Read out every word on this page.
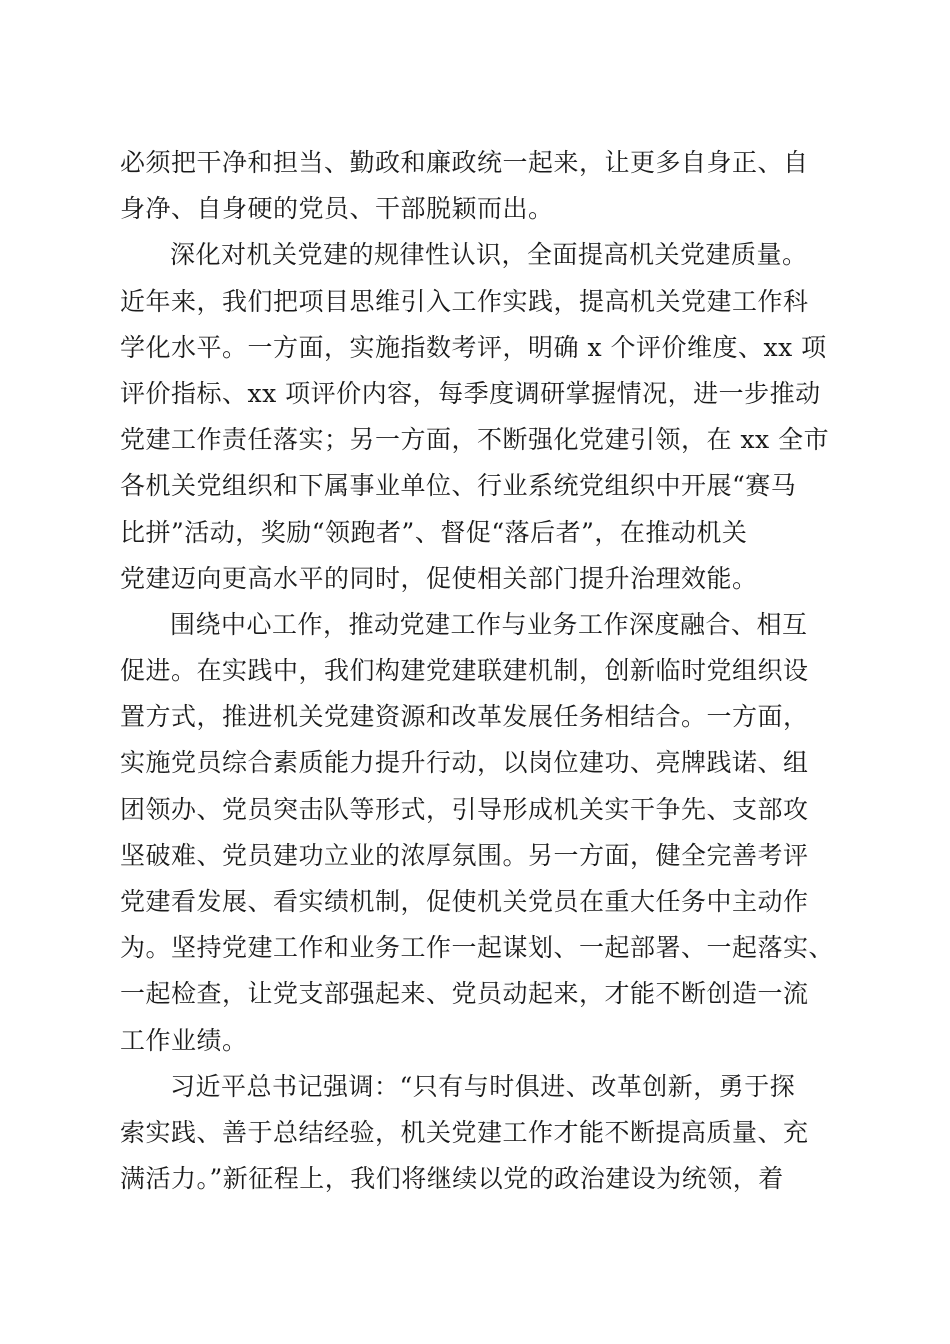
必须把干净和担当、勤政和廉政统一起来，让更多自身正、自
身净、自身硬的党员、干部脱颖而出。
深化对机关党建的规律性认识，全面提高机关党建质量。
近年来，我们把项目思维引入工作实践，提高机关党建工作科
学化水平。一方面，实施指数考评，明确 x 个评价维度、xx 项
评价指标、xx 项评价内容，每季度调研掌握情况，进一步推动
党建工作责任落实；另一方面，不断强化党建引领，在 xx 全市
各机关党组织和下属事业单位、行业系统党组织中开展“赛马
比拼”活动，奖励“领跑者”、督促“落后者”，在推动机关
党建迈向更高水平的同时，促使相关部门提升治理效能。
围绕中心工作，推动党建工作与业务工作深度融合、相互
促进。在实践中，我们构建党建联建机制，创新临时党组织设
置方式，推进机关党建资源和改革发展任务相结合。一方面，
实施党员综合素质能力提升行动，以岗位建功、亮牌践诺、组
团领办、党员突击队等形式，引导形成机关实干争先、支部攻
坚破难、党员建功立业的浓厚氛围。另一方面，健全完善考评
党建看发展、看实绩机制，促使机关党员在重大任务中主动作
为。坚持党建工作和业务工作一起谋划、一起部署、一起落实、
一起检查，让党支部强起来、党员动起来，才能不断创造一流
工作业绩。
习近平总书记强调：“只有与时俱进、改革创新，勇于探
索实践、善于总结经验，机关党建工作才能不断提高质量、充
满活力。”新征程上，我们将继续以党的政治建设为统领，着
